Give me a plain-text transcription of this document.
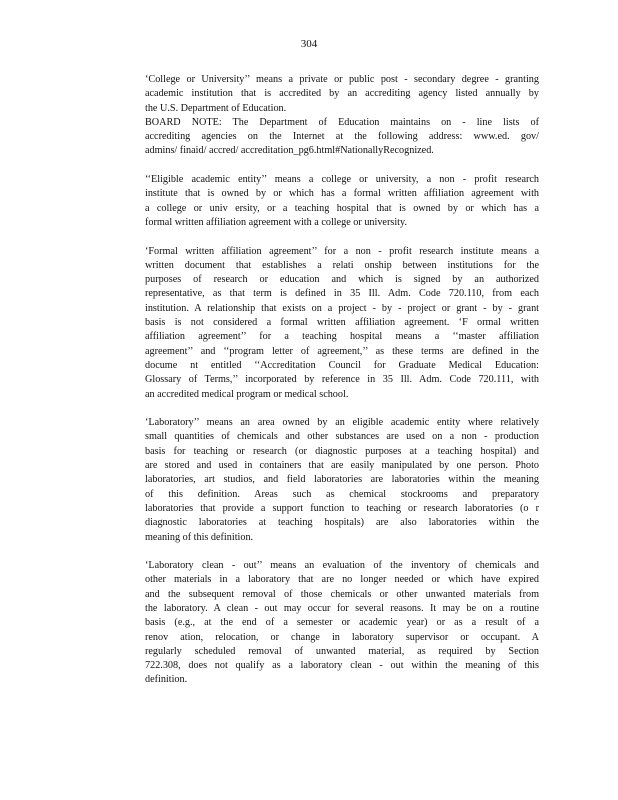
304
‘College or University’’ means a private or public post - secondary degree - granting
academic institution that is accredited by an accrediting agency listed annually by
the U.S. Department of Education.
BOARD NOTE: The Department of Education maintains on - line lists of
accrediting agencies on the Internet at the following address: www.ed. gov/
admins/ finaid/ accred/ accreditation_pg6.html#NationallyRecognized.
‘‘Eligible academic entity’’ means a college or university, a non - profit research
institute that is owned by or which has a formal written affiliation agreement with
a college or univ ersity, or a teaching hospital that is owned by or which has a
formal written affiliation agreement with a college or university.
‘Formal written affiliation agreement’’ for a non - profit research institute means a
written document that establishes a relati onship between institutions for the
purposes of research or education and which is signed by an authorized
representative, as that term is defined in 35 Ill. Adm. Code 720.110, from each
institution. A relationship that exists on a project - by - project or grant - by - grant
basis is not considered a formal written affiliation agreement. ‘F ormal written
affiliation agreement’’ for a teaching hospital means a ‘‘master affiliation
agreement’’ and ‘‘program letter of agreement,’’ as these terms are defined in the
docume nt entitled ‘‘Accreditation Council for Graduate Medical Education:
Glossary of Terms,’’ incorporated by reference in 35 Ill. Adm. Code 720.111, with
an accredited medical program or medical school.
‘Laboratory’’ means an area owned by an eligible academic entity where relatively
small quantities of chemicals and other substances are used on a non - production
basis for teaching or research (or diagnostic purposes at a teaching hospital) and
are stored and used in containers that are easily manipulated by one person. Photo
laboratories, art studios, and field laboratories are laboratories within the meaning
of this definition. Areas such as chemical stockrooms and preparatory
laboratories that provide a support function to teaching or research laboratories (o r
diagnostic laboratories at teaching hospitals) are also laboratories within the
meaning of this definition.
‘Laboratory clean - out’’ means an evaluation of the inventory of chemicals and
other materials in a laboratory that are no longer needed or which have expired
and the subsequent removal of those chemicals or other unwanted materials from
the laboratory. A clean - out may occur for several reasons. It may be on a routine
basis (e.g., at the end of a semester or academic year) or as a result of a
renov ation, relocation, or change in laboratory supervisor or occupant. A
regularly scheduled removal of unwanted material, as required by Section
722.308, does not qualify as a laboratory clean - out within the meaning of this
definition.
